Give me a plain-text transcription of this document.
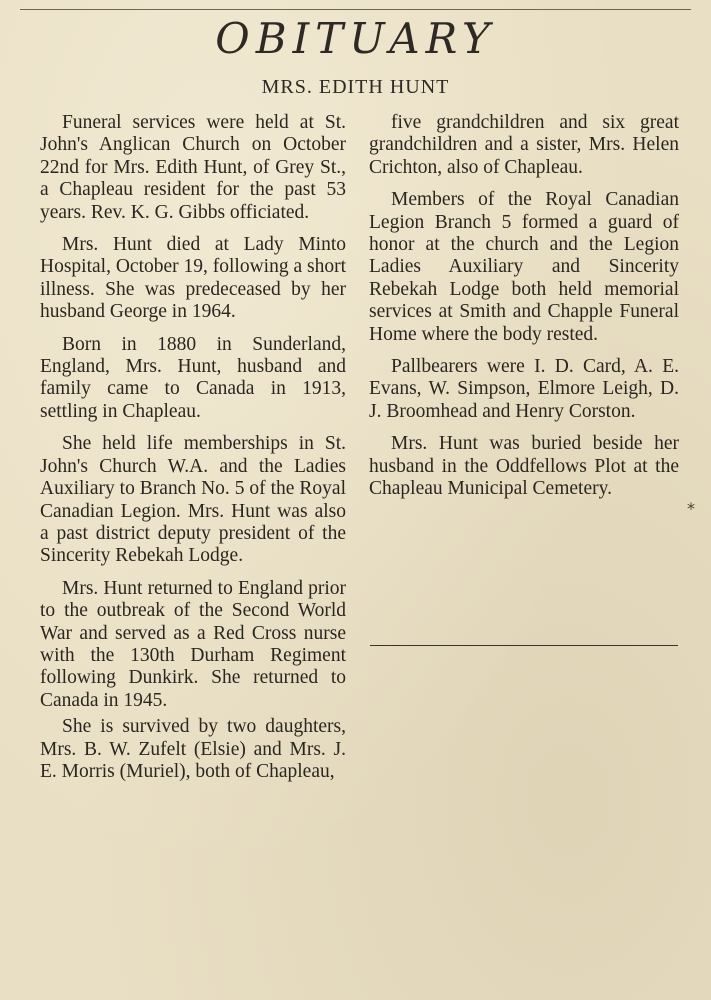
OBITUARY
MRS. EDITH HUNT

Funeral services were held at St. John's Anglican Church on October 22nd for Mrs. Edith Hunt, of Grey St., a Chapleau resident for the past 53 years. Rev. K. G. Gibbs officiated.

Mrs. Hunt died at Lady Minto Hospital, October 19, following a short illness. She was predeceased by her husband George in 1964.

Born in 1880 in Sunderland, England, Mrs. Hunt, husband and family came to Canada in 1913, settling in Chapleau.

She held life memberships in St. John's Church W.A. and the Ladies Auxiliary to Branch No. 5 of the Royal Canadian Legion. Mrs. Hunt was also a past district deputy president of the Sincerity Rebekah Lodge.

Mrs. Hunt returned to England prior to the outbreak of the Second World War and served as a Red Cross nurse with the 130th Durham Regiment following Dunkirk. She returned to Canada in 1945.

She is survived by two daughters, Mrs. B. W. Zufelt (Elsie) and Mrs. J. E. Morris (Muriel), both of Chapleau,

five grandchildren and six great grandchildren and a sister, Mrs. Helen Crichton, also of Chapleau.

Members of the Royal Canadian Legion Branch 5 formed a guard of honor at the church and the Legion Ladies Auxiliary and Sincerity Rebekah Lodge both held memorial services at Smith and Chapple Funeral Home where the body rested.

Pallbearers were I. D. Card, A. E. Evans, W. Simpson, Elmore Leigh, D. J. Broomhead and Henry Corston.

Mrs. Hunt was buried beside her husband in the Oddfellows Plot at the Chapleau Municipal Cemetery.

*
